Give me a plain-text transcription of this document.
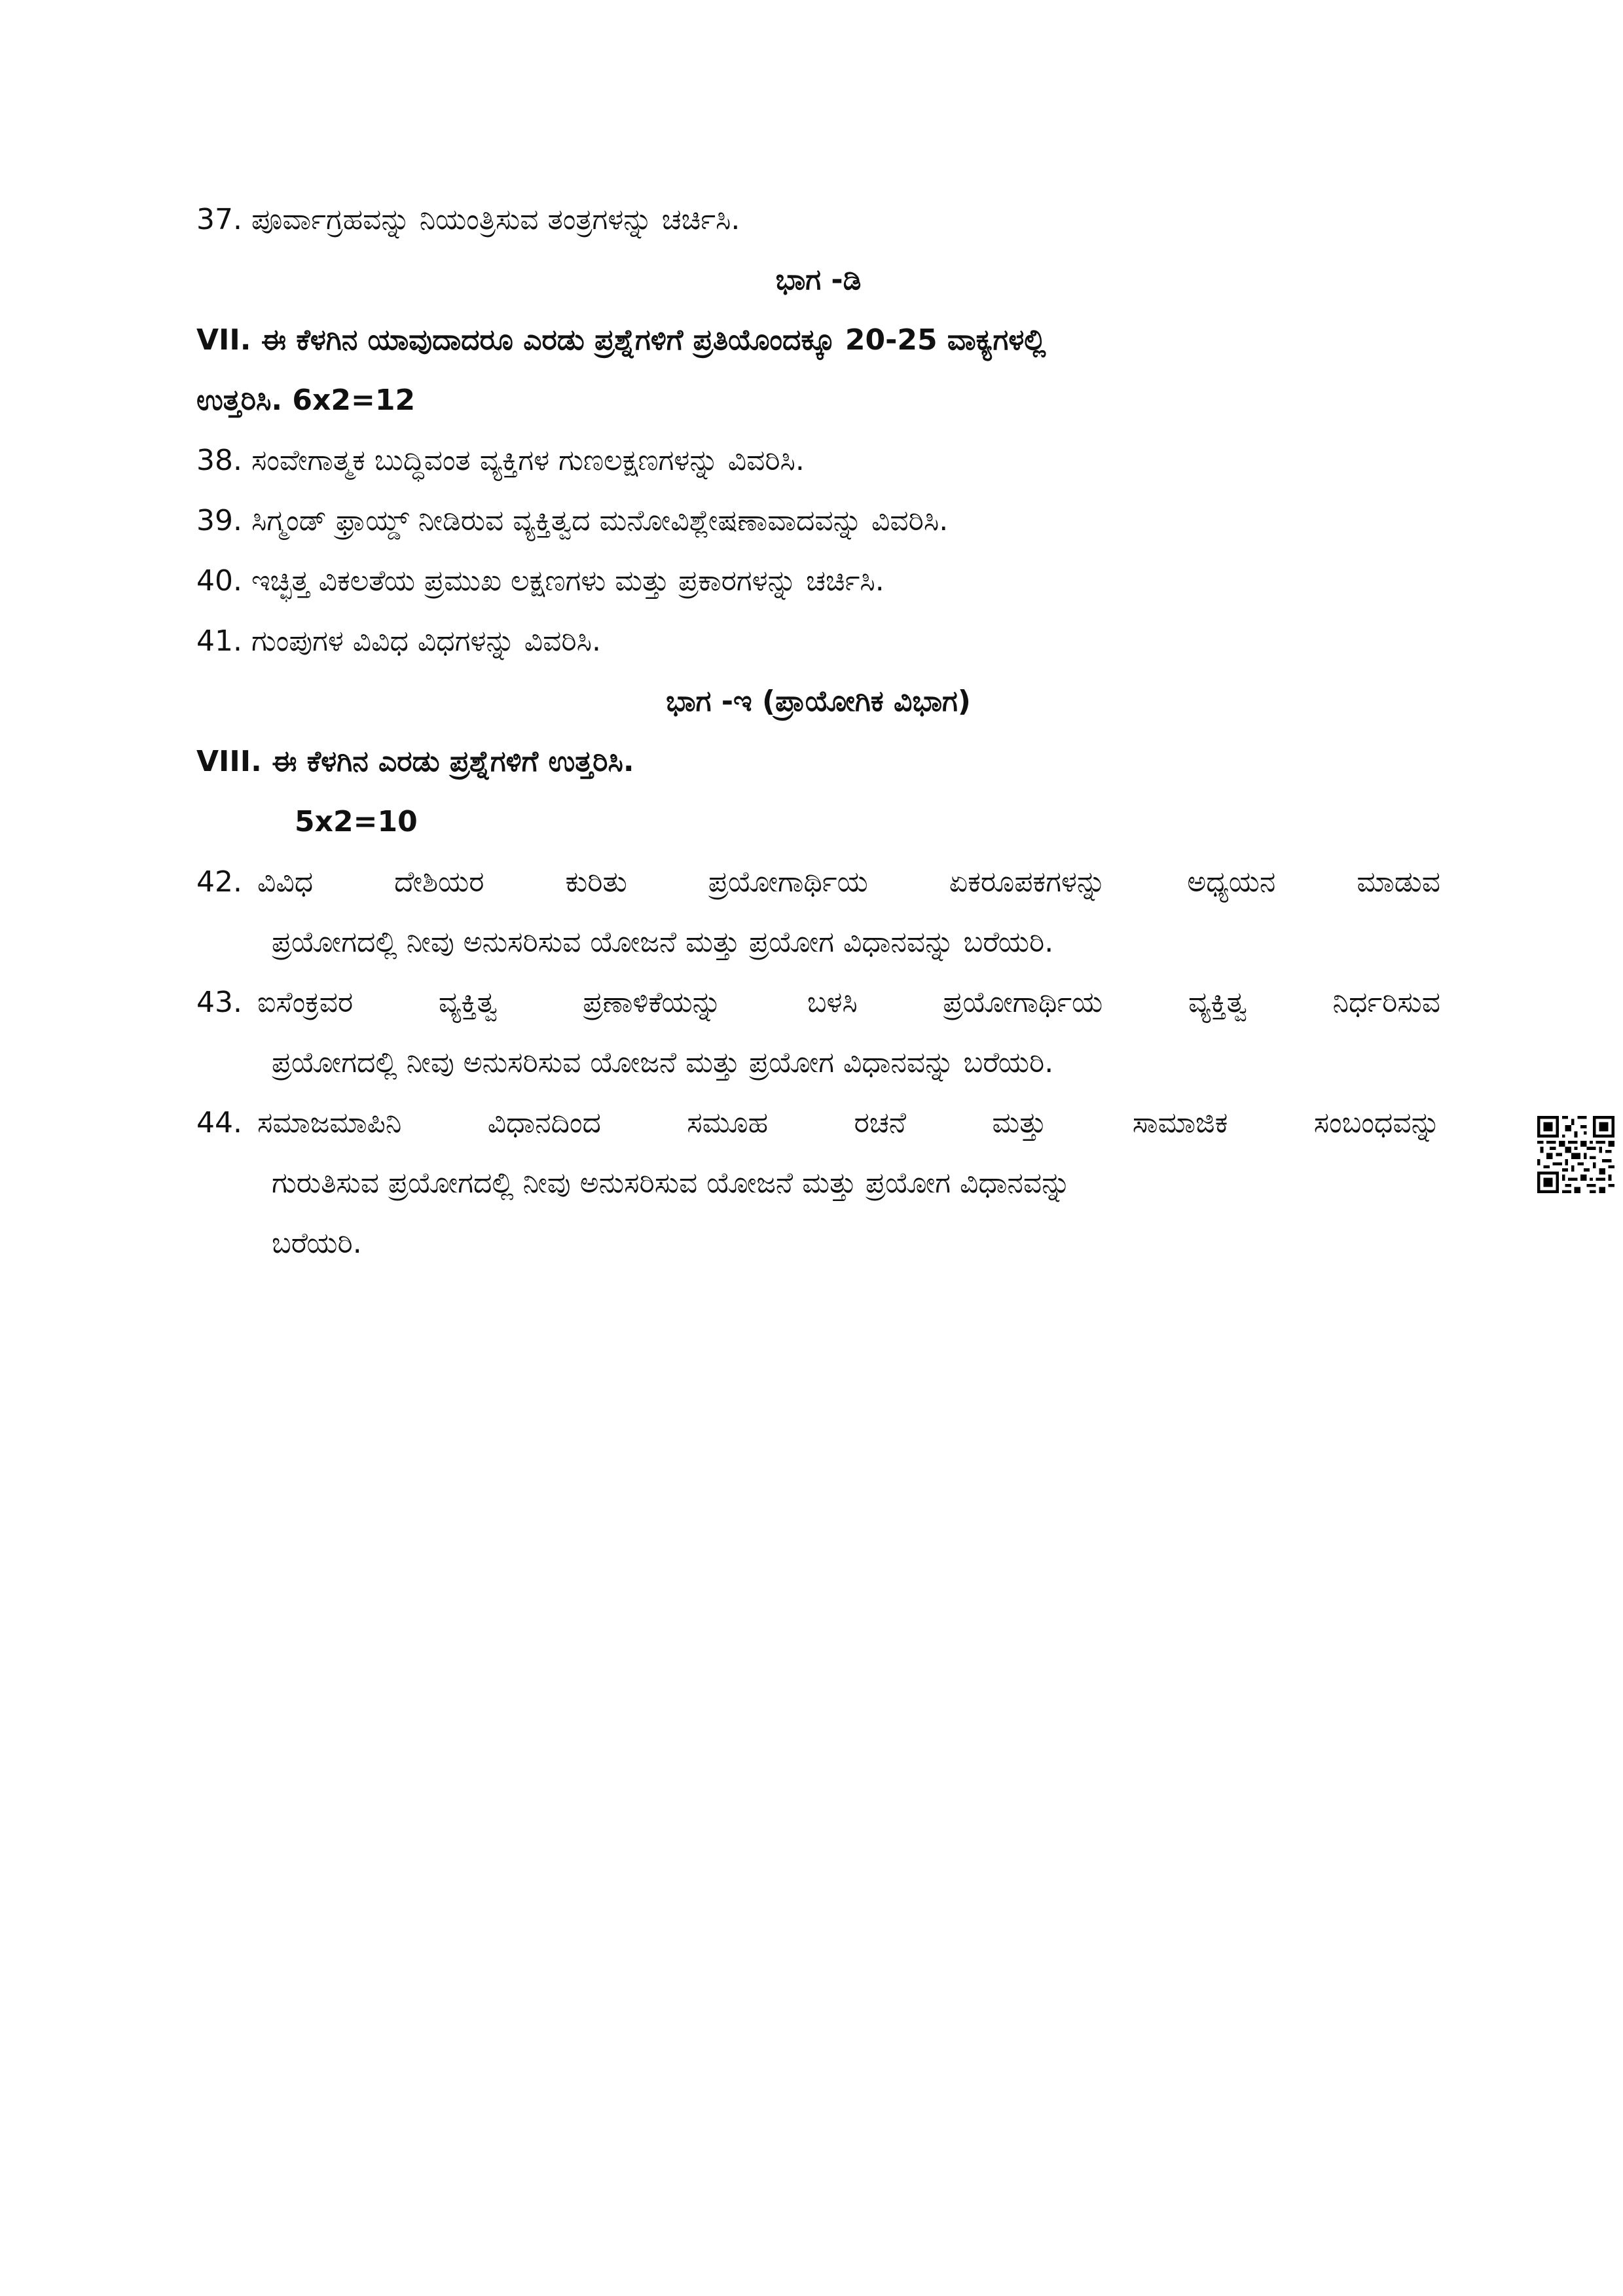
37. ಪೂರ್ವಾಗ್ರಹವನ್ನು ನಿಯಂತ್ರಿಸುವ ತಂತ್ರಗಳನ್ನು ಚರ್ಚಿಸಿ.
ಭಾಗ -ಡಿ
VII. ಈ ಕೆಳಗಿನ ಯಾವುದಾದರೂ ಎರಡು ಪ್ರಶ್ನೆಗಳಿಗೆ ಪ್ರತಿಯೊಂದಕ್ಕೂ 20-25 ವಾಕ್ಯಗಳಲ್ಲಿ
ಉತ್ತರಿಸಿ. 6x2=12
38. ಸಂವೇಗಾತ್ಮಕ ಬುದ್ಧಿವಂತ ವ್ಯಕ್ತಿಗಳ ಗುಣಲಕ್ಷಣಗಳನ್ನು ವಿವರಿಸಿ.
39. ಸಿಗ್ಮಂಡ್ ಫ್ರಾಯ್ಡ್ ನೀಡಿರುವ ವ್ಯಕ್ತಿತ್ವದ ಮನೋವಿಶ್ಲೇಷಣಾವಾದವನ್ನು ವಿವರಿಸಿ.
40. ಇಚ್ಛಿತ್ತ ವಿಕಲತೆಯ ಪ್ರಮುಖ ಲಕ್ಷಣಗಳು ಮತ್ತು ಪ್ರಕಾರಗಳನ್ನು ಚರ್ಚಿಸಿ.
41. ಗುಂಪುಗಳ ವಿವಿಧ ವಿಧಗಳನ್ನು ವಿವರಿಸಿ.
ಭಾಗ -ಇ (ಪ್ರಾಯೋಗಿಕ ವಿಭಾಗ)
VIII. ಈ ಕೆಳಗಿನ ಎರಡು ಪ್ರಶ್ನೆಗಳಿಗೆ ಉತ್ತರಿಸಿ.
5x2=10
42. ವಿವಿಧ ದೇಶಿಯರ ಕುರಿತು ಪ್ರಯೋಗಾರ್ಥಿಯ ಏಕರೂಪಕಗಳನ್ನು ಅಧ್ಯಯನ ಮಾಡುವ
ಪ್ರಯೋಗದಲ್ಲಿ ನೀವು ಅನುಸರಿಸುವ ಯೋಜನೆ ಮತ್ತು ಪ್ರಯೋಗ ವಿಧಾನವನ್ನು ಬರೆಯರಿ.
43. ಐಸೆಂಕ್ರವರ ವ್ಯಕ್ತಿತ್ವ ಪ್ರಣಾಳಿಕೆಯನ್ನು ಬಳಸಿ ಪ್ರಯೋಗಾರ್ಥಿಯ ವ್ಯಕ್ತಿತ್ವ ನಿರ್ಧರಿಸುವ
ಪ್ರಯೋಗದಲ್ಲಿ ನೀವು ಅನುಸರಿಸುವ ಯೋಜನೆ ಮತ್ತು ಪ್ರಯೋಗ ವಿಧಾನವನ್ನು ಬರೆಯರಿ.
44. ಸಮಾಜಮಾಪಿನಿ ವಿಧಾನದಿಂದ ಸಮೂಹ ರಚನೆ ಮತ್ತು ಸಾಮಾಜಿಕ ಸಂಬಂಧವನ್ನು
ಗುರುತಿಸುವ ಪ್ರಯೋಗದಲ್ಲಿ ನೀವು ಅನುಸರಿಸುವ ಯೋಜನೆ ಮತ್ತು ಪ್ರಯೋಗ ವಿಧಾನವನ್ನು
ಬರೆಯರಿ.
